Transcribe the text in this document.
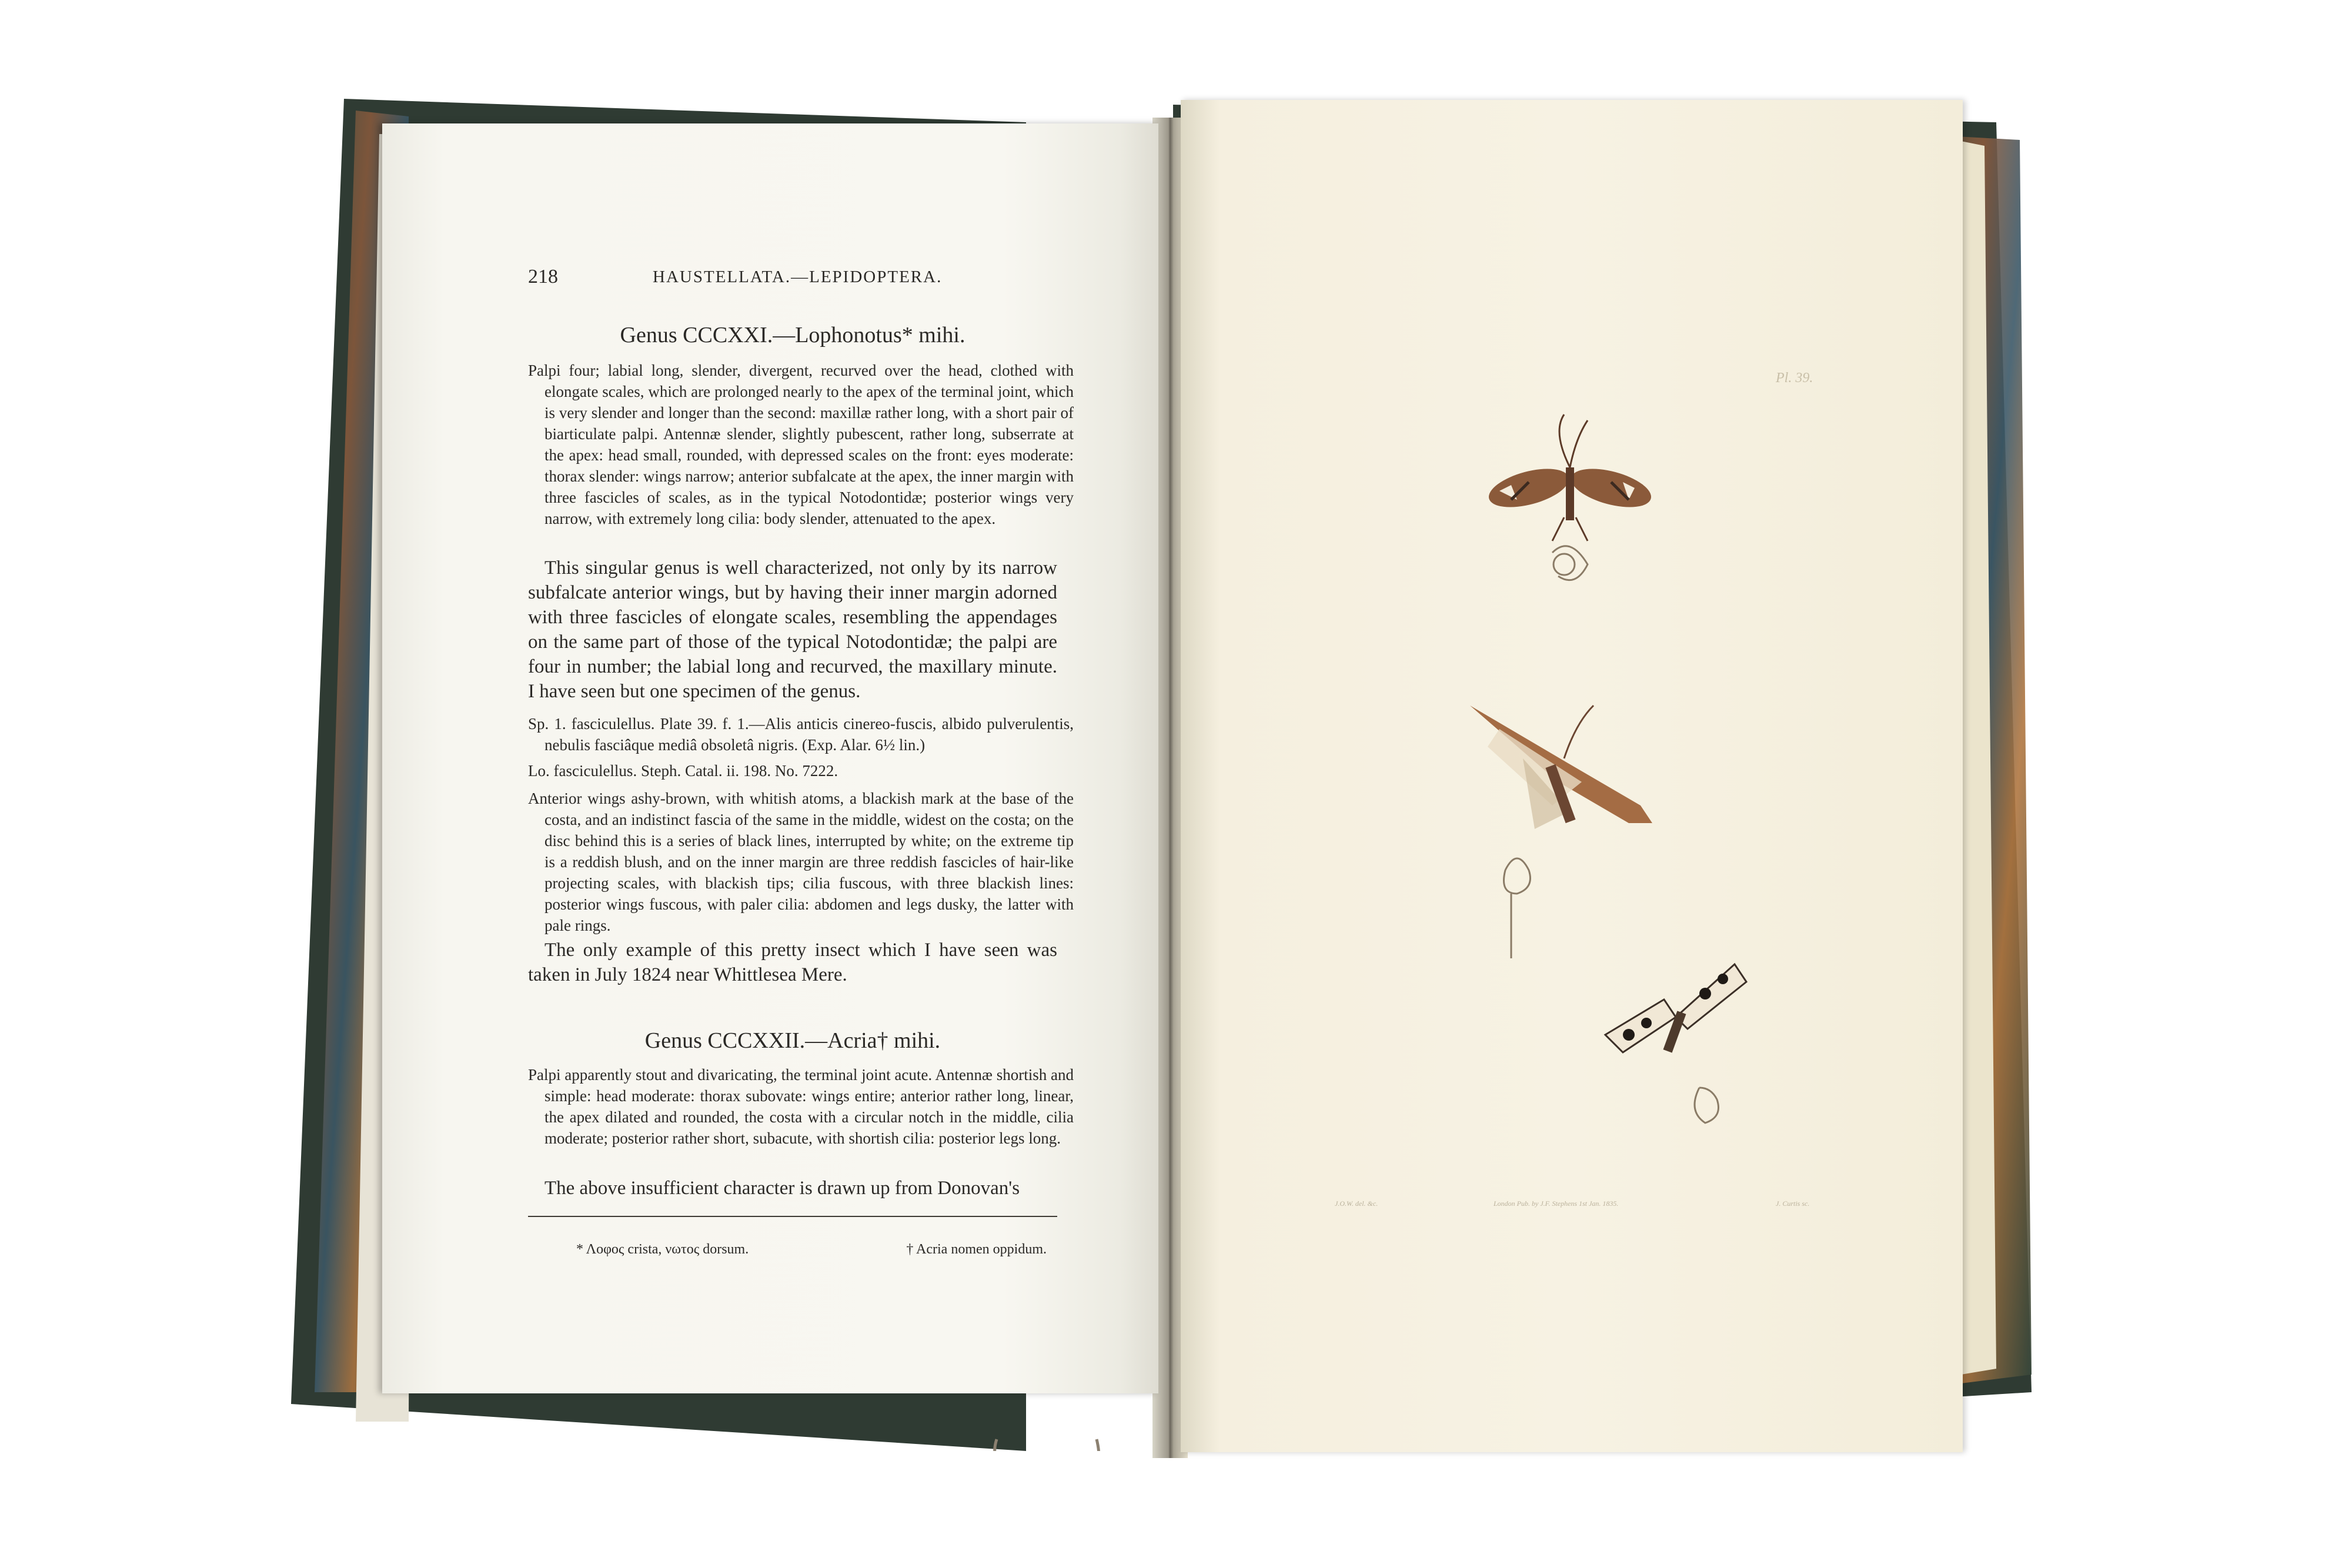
218	HAUSTELLATA.—LEPIDOPTERA.
Genus CCCXXI.—Lophonotus* mihi.
Palpi four; labial long, slender, divergent, recurved over the head, clothed with elongate scales, which are prolonged nearly to the apex of the terminal joint, which is very slender and longer than the second: maxillæ rather long, with a short pair of biarticulate palpi. Antennæ slender, slightly pubescent, rather long, subserrate at the apex: head small, rounded, with depressed scales on the front: eyes moderate: thorax slender: wings narrow; anterior subfalcate at the apex, the inner margin with three fascicles of scales, as in the typical Notodontidæ; posterior wings very narrow, with extremely long cilia: body slender, attenuated to the apex.
This singular genus is well characterized, not only by its narrow subfalcate anterior wings, but by having their inner margin adorned with three fascicles of elongate scales, resembling the appendages on the same part of those of the typical Notodontidæ; the palpi are four in number; the labial long and recurved, the maxillary minute. I have seen but one specimen of the genus.
Sp. 1. fasciculellus. Plate 39. f. 1.—Alis anticis cinereo-fuscis, albido pulverulentis, nebulis fasciâque mediâ obsoletâ nigris. (Exp. Alar. 6½ lin.)
Lo. fasciculellus. Steph. Catal. ii. 198. No. 7222.
Anterior wings ashy-brown, with whitish atoms, a blackish mark at the base of the costa, and an indistinct fascia of the same in the middle, widest on the costa; on the disc behind this is a series of black lines, interrupted by white; on the extreme tip is a reddish blush, and on the inner margin are three reddish fascicles of hair-like projecting scales, with blackish tips; cilia fuscous, with three blackish lines: posterior wings fuscous, with paler cilia: abdomen and legs dusky, the latter with pale rings.
The only example of this pretty insect which I have seen was taken in July 1824 near Whittlesea Mere.
Genus CCCXXII.—Acria† mihi.
Palpi apparently stout and divaricating, the terminal joint acute. Antennæ shortish and simple: head moderate: thorax subovate: wings entire; anterior rather long, linear, the apex dilated and rounded, the costa with a circular notch in the middle, cilia moderate; posterior rather short, subacute, with shortish cilia: posterior legs long.
The above insufficient character is drawn up from Donovan's
* Λοφος crista, νωτος dorsum.	† Acria nomen oppidum.
Pl. 39.
J.O.W. del. &c.	London Pub. by J.F. Stephens 1st Jan. 1835.	J. Curtis sc.
